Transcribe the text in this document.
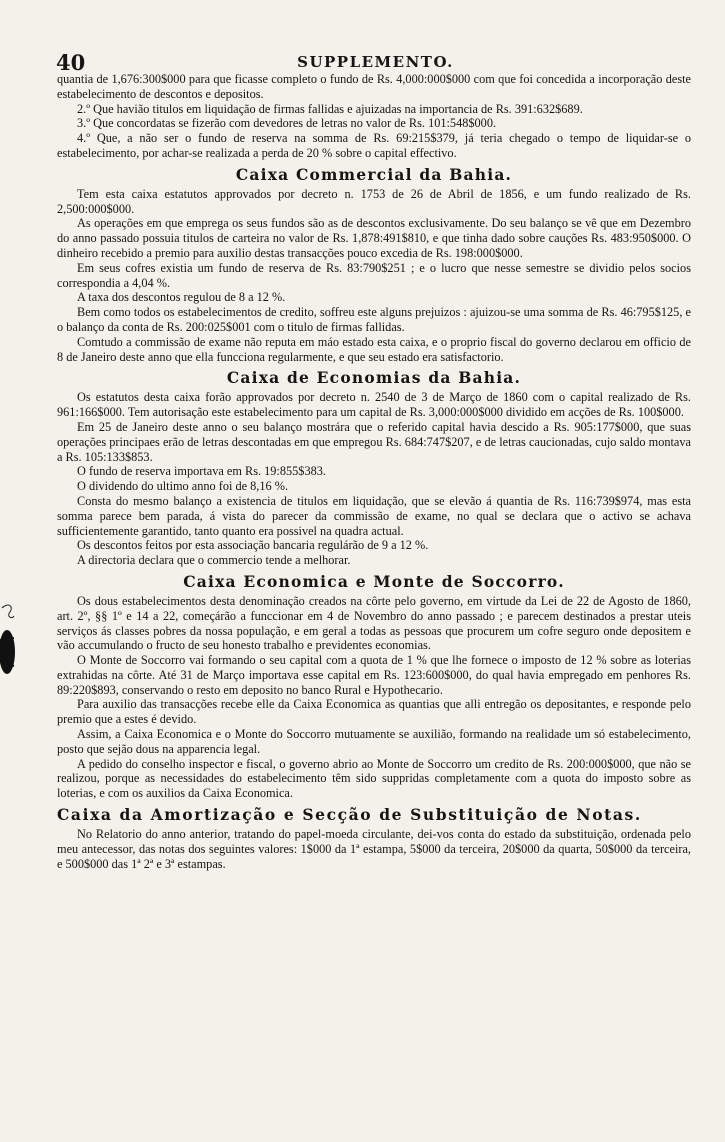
40	SUPPLEMENTO.

quantia de 1,676:300$000 para que ficasse completo o fundo de Rs. 4,000:000$000 com que foi concedida a incorporação deste estabelecimento de descontos e depositos.

2.º Que havião titulos em liquidação de firmas fallidas e ajuizadas na importancia de Rs. 391:632$689.

3.º Que concordatas se fizerão com devedores de letras no valor de Rs. 101:548$000.

4.º Que, a não ser o fundo de reserva na somma de Rs. 69:215$379, já teria chegado o tempo de liquidar-se o estabelecimento, por achar-se realizada a perda de 20 % sobre o capital effectivo.

Caixa Commercial da Bahia.

Tem esta caixa estatutos approvados por decreto n. 1753 de 26 de Abril de 1856, e um fundo realizado de Rs. 2,500:000$000.

As operações em que emprega os seus fundos são as de descontos exclusivamente. Do seu balanço se vê que em Dezembro do anno passado possuia titulos de carteira no valor de Rs. 1,878:491$810, e que tinha dado sobre cauções Rs. 483:950$000. O dinheiro recebido a premio para auxilio destas transacções pouco excedia de Rs. 198:000$000.

Em seus cofres existia um fundo de reserva de Rs. 83:790$251 ; e o lucro que nesse semestre se dividio pelos socios correspondia a 4,04 %.

A taxa dos descontos regulou de 8 a 12 %.

Bem como todos os estabelecimentos de credito, soffreu este alguns prejuizos : ajuizou-se uma somma de Rs. 46:795$125, e o balanço da conta de Rs. 200:025$001 com o titulo de firmas fallidas.

Comtudo a commissão de exame não reputa em máo estado esta caixa, e o proprio fiscal do governo declarou em officio de 8 de Janeiro deste anno que ella funcciona regularmente, e que seu estado era satisfactorio.

Caixa de Economias da Bahia.

Os estatutos desta caixa forão approvados por decreto n. 2540 de 3 de Março de 1860 com o capital realizado de Rs. 961:166$000. Tem autorisação este estabelecimento para um capital de Rs. 3,000:000$000 dividido em acções de Rs. 100$000.

Em 25 de Janeiro deste anno o seu balanço mostrára que o referido capital havia descido a Rs. 905:177$000, que suas operações principaes erão de letras descontadas em que empregou Rs. 684:747$207, e de letras caucionadas, cujo saldo montava a Rs. 105:133$853.

O fundo de reserva importava em Rs. 19:855$383.

O dividendo do ultimo anno foi de 8,16 %.

Consta do mesmo balanço a existencia de titulos em liquidação, que se elevão á quantia de Rs. 116:739$974, mas esta somma parece bem parada, á vista do parecer da commissão de exame, no qual se declara que o activo se achava sufficientemente garantido, tanto quanto era possivel na quadra actual.

Os descontos feitos por esta associação bancaria regulárão de 9 a 12 %.

A directoria declara que o commercio tende a melhorar.

Caixa Economica e Monte de Soccorro.

Os dous estabelecimentos desta denominação creados na côrte pelo governo, em virtude da Lei de 22 de Agosto de 1860, art. 2º, §§ 1º e 14 a 22, começárão a funccionar em 4 de Novembro do anno passado ; e parecem destinados a prestar uteis serviços ás classes pobres da nossa população, e em geral a todas as pessoas que procurem um cofre seguro onde depositem e vão accumulando o fructo de seu honesto trabalho e previdentes economias.

O Monte de Soccorro vai formando o seu capital com a quota de 1 % que lhe fornece o imposto de 12 % sobre as loterias extrahidas na côrte. Até 31 de Março importava esse capital em Rs. 123:600$000, do qual havia empregado em penhores Rs. 89:220$893, conservando o resto em deposito no banco Rural e Hypothecario.

Para auxilio das transacções recebe elle da Caixa Economica as quantias que alli entregão os depositantes, e responde pelo premio que a estes é devido.

Assim, a Caixa Economica e o Monte do Soccorro mutuamente se auxilião, formando na realidade um só estabelecimento, posto que sejão dous na apparencia legal.

A pedido do conselho inspector e fiscal, o governo abrio ao Monte de Soccorro um credito de Rs. 200:000$000, que não se realizou, porque as necessidades do estabelecimento têm sido suppridas completamente com a quota do imposto sobre as loterias, e com os auxilios da Caixa Economica.

Caixa da Amortização e Secção de Substituição de Notas.

No Relatorio do anno anterior, tratando do papel-moeda circulante, dei-vos conta do estado da substituição, ordenada pelo meu antecessor, das notas dos seguintes valores: 1$000 da 1ª estampa, 5$000 da terceira, 20$000 da quarta, 50$000 da terceira, e 500$000 das 1ª 2ª e 3ª estampas.
